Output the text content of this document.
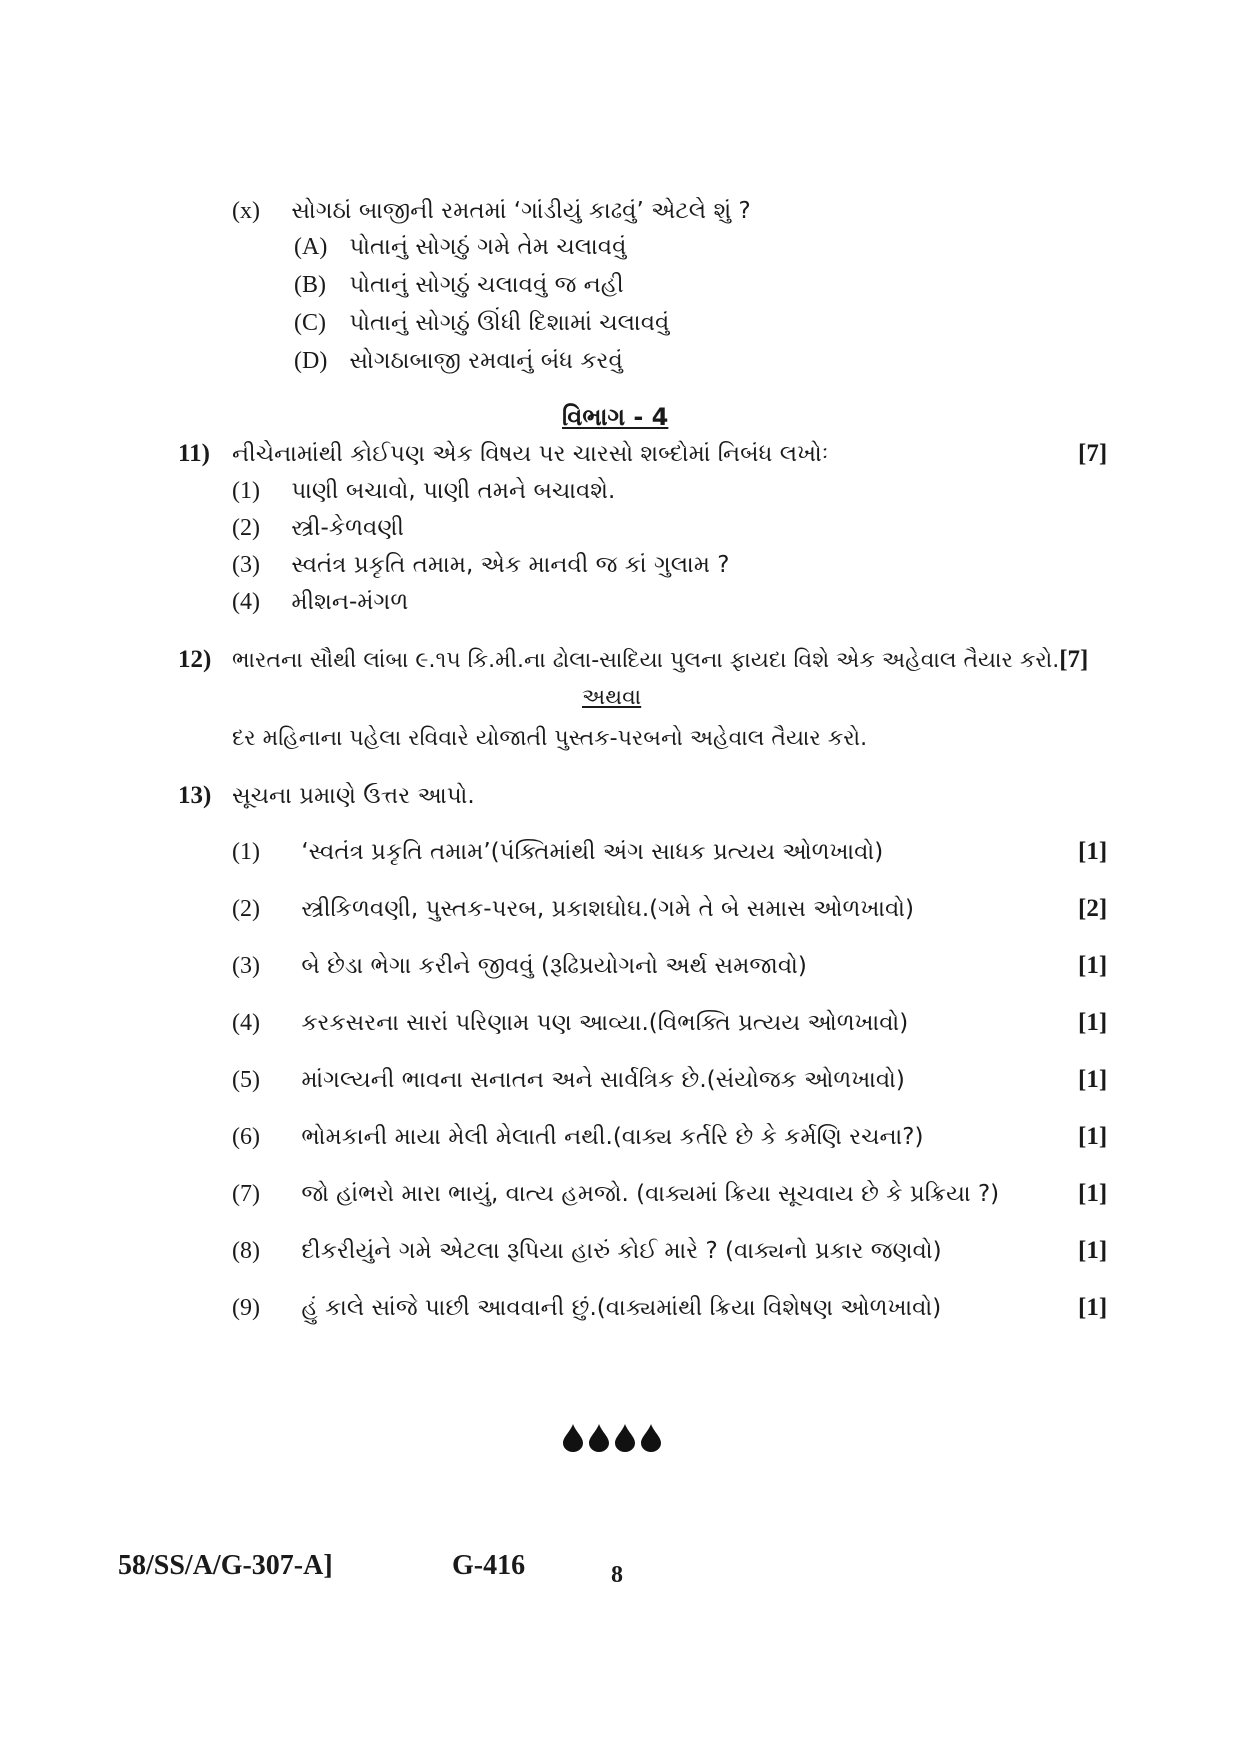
(x) સોગઠાં બાજીની રમતમાં ‘ગાંડીયું કાઢવું’ એટલે શું ?
(A) પોતાનું સોગઠું ગમે તેમ ચલાવવું
(B) પોતાનું સોગઠું ચલાવવું જ નહી
(C) પોતાનું સોગઠું ઊંધી દિશામાં ચલાવવું
(D) સોગઠાબાજી રમવાનું બંધ કરવું
વિભાગ - 4
11) નીચેનામાંથી કોઈપણ એક વિષય પર ચારસો શબ્દોમાં નિબંધ લખોઃ	[7]
(1) પાણી બચાવો, પાણી તમને બચાવશે.
(2) સ્ત્રી-કેળવણી
(3) સ્વતંત્ર પ્રકૃતિ તમામ, એક માનવી જ કાં ગુલામ ?
(4) મીશન-મંગળ
12) ભારતના સૌથી લાંબા ૯.૧૫ કિ.મી.ના ઢોલા-સાદિયા પુલના ફાયદા વિશે એક અહેવાલ તૈયાર કરો.[7]
અથવા
દર મહિનાના પહેલા રવિવારે યોજાતી પુસ્તક-પરબનો અહેવાલ તૈયાર કરો.
13) સૂચના પ્રમાણે ઉત્તર આપો.
(1) ‘સ્વતંત્ર પ્રકૃતિ તમામ’(પંક્તિમાંથી અંગ સાધક પ્રત્યય ઓળખાવો)	[1]
(2) સ્ત્રીકિળવણી, પુસ્તક-પરબ, પ્રકાશઘોઘ.(ગમે તે બે સમાસ ઓળખાવો)	[2]
(3) બે છેડા ભેગા કરીને જીવવું (રૂઢિપ્રયોગનો અર્થ સમજાવો)	[1]
(4) કરકસરના સારાં પરિણામ પણ આવ્યા.(વિભક્તિ પ્રત્યય ઓળખાવો)	[1]
(5) માંગલ્યની ભાવના સનાતન અને સાર્વત્રિક છે.(સંયોજક ઓળખાવો)	[1]
(6) ભોમકાની માયા મેલી મેલાતી નથી.(વાક્ય કર્તરિ છે કે કર્મણિ રચના?)	[1]
(7) જો હાંભરો મારા ભાયું, વાત્ય હમજો. (વાક્યમાં ક્રિયા સૂચવાય છે કે પ્રક્રિયા ?)	[1]
(8) દીકરીયુંને ગમે એટલા રૂપિયા હારું કોઈ મારે ? (વાક્યનો પ્રકાર જણવો)	[1]
(9) હું કાલે સાંજે પાછી આવવાની છું.(વાક્યમાંથી ક્રિયા વિશેષણ ઓળખાવો)	[1]
58/SS/A/G-307-A]	G-416	8
